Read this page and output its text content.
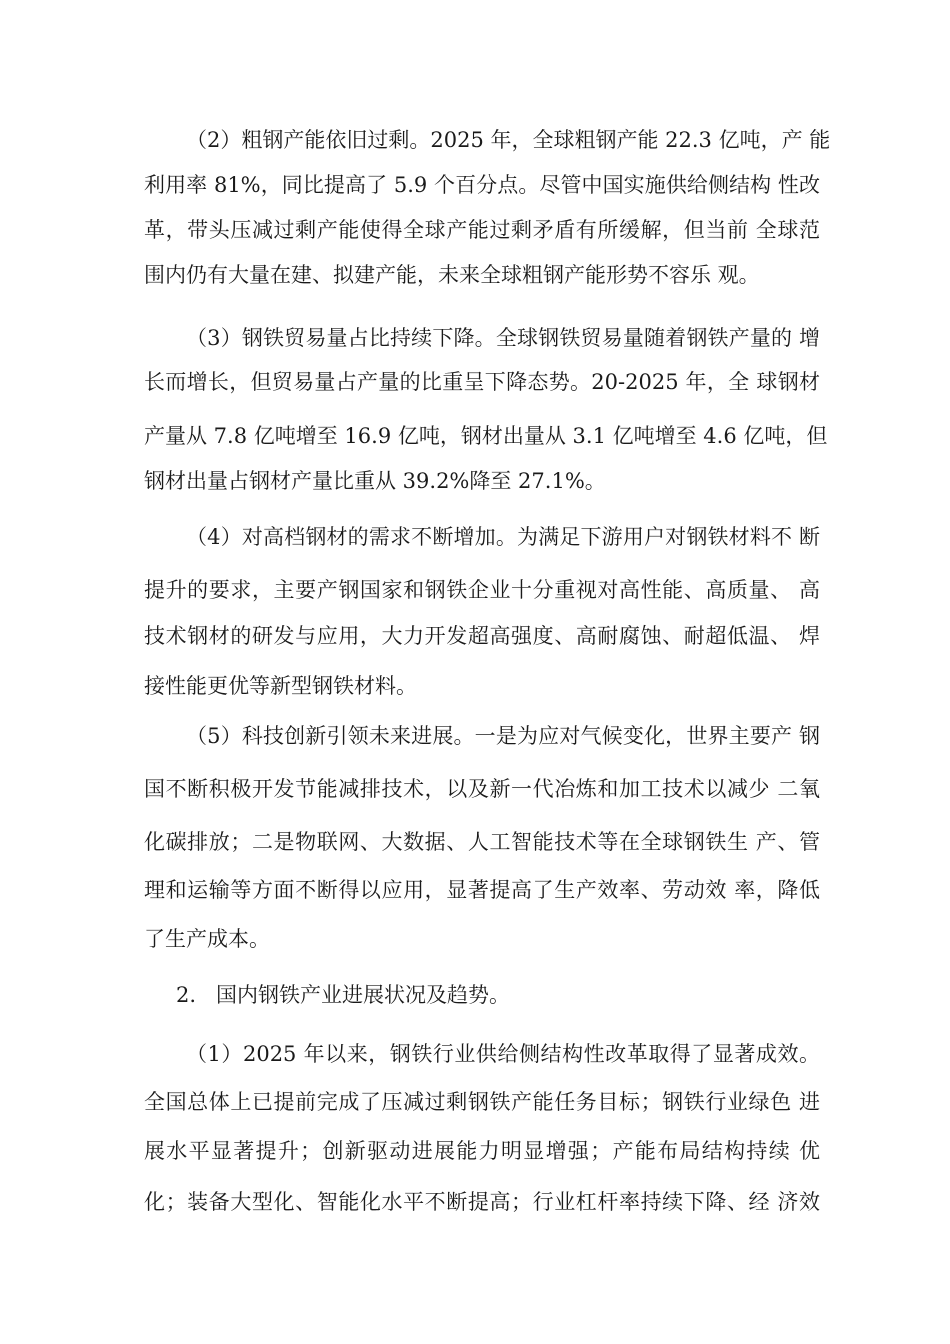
（2）粗钢产能依旧过剩。2025 年，全球粗钢产能 22.3 亿吨，产 能
利用率 81%，同比提高了 5.9 个百分点。尽管中国实施供给侧结构 性改
革，带头压减过剩产能使得全球产能过剩矛盾有所缓解，但当前 全球范
围内仍有大量在建、拟建产能，未来全球粗钢产能形势不容乐 观。
（3）钢铁贸易量占比持续下降。全球钢铁贸易量随着钢铁产量的 增
长而增长，但贸易量占产量的比重呈下降态势。20-2025 年，全 球钢材
产量从 7.8 亿吨增至 16.9 亿吨，钢材出量从 3.1 亿吨增至 4.6 亿吨，但
钢材出量占钢材产量比重从 39.2%降至 27.1%。
（4）对高档钢材的需求不断增加。为满足下游用户对钢铁材料不 断
提升的要求，主要产钢国家和钢铁企业十分重视对高性能、高质量、 高
技术钢材的研发与应用，大力开发超高强度、高耐腐蚀、耐超低温、 焊
接性能更优等新型钢铁材料。
（5）科技创新引领未来进展。一是为应对气候变化，世界主要产 钢
国不断积极开发节能减排技术，以及新一代冶炼和加工技术以减少 二氧
化碳排放；二是物联网、大数据、人工智能技术等在全球钢铁生 产、管
理和运输等方面不断得以应用，显著提高了生产效率、劳动效 率，降低
了生产成本。
2.   国内钢铁产业进展状况及趋势。
（1）2025 年以来，钢铁行业供给侧结构性改革取得了显著成效。
全国总体上已提前完成了压减过剩钢铁产能任务目标；钢铁行业绿色 进
展水平显著提升；创新驱动进展能力明显增强；产能布局结构持续 优
化；装备大型化、智能化水平不断提高；行业杠杆率持续下降、经 济效
